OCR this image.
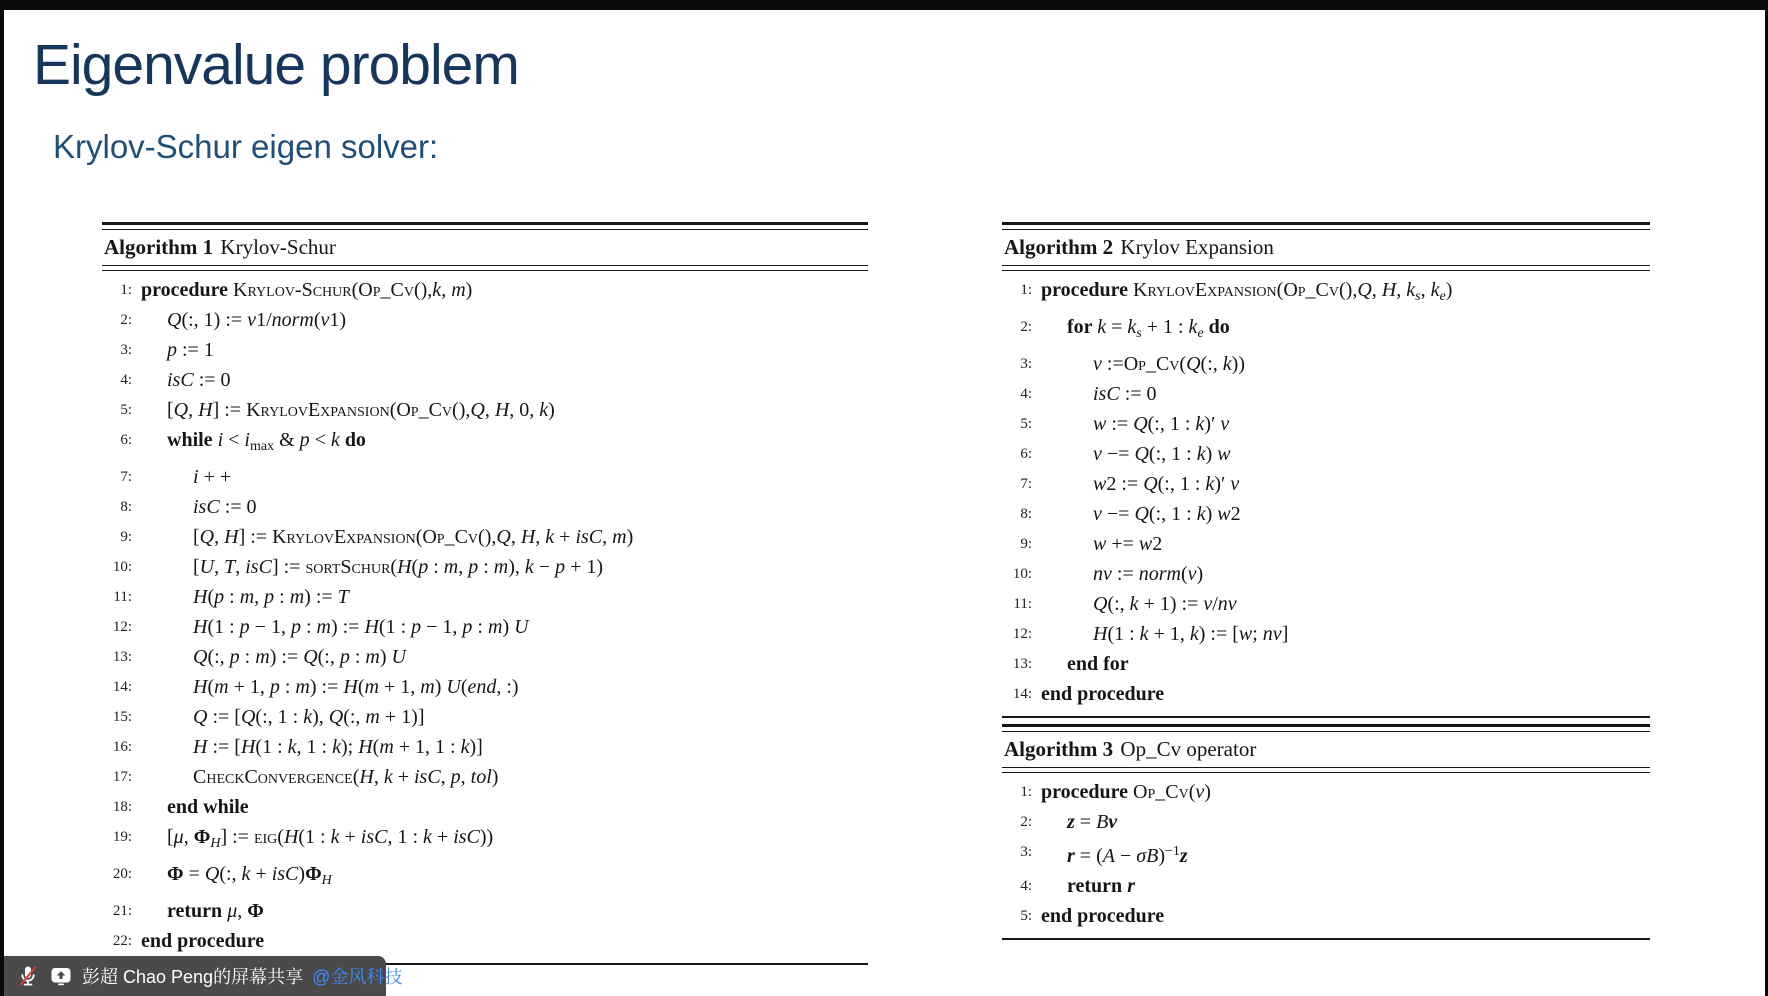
Eigenvalue problem
Krylov-Schur eigen solver:
Algorithm 1 Krylov-Schur
1: procedure Krylov-Schur(Op_Cv(),k, m)
2:	Q(:, 1) := v1/norm(v1)
3:	p := 1
4:	isC := 0
5:	[Q, H] := KrylovExpansion(Op_Cv(),Q, H, 0, k)
6:	while i < imax & p < k do
7:	i + +
8:	isC := 0
9:	[Q, H] := KrylovExpansion(Op_Cv(),Q, H, k + isC, m)
10:	[U, T, isC] := sortSchur(H(p : m, p : m), k − p + 1)
11:	H(p : m, p : m) := T
12:	H(1 : p − 1, p : m) := H(1 : p − 1, p : m) U
13:	Q(:, p : m) := Q(:, p : m) U
14:	H(m + 1, p : m) := H(m + 1, m) U(end, :)
15:	Q := [Q(:, 1 : k), Q(:, m + 1)]
16:	H := [H(1 : k, 1 : k); H(m + 1, 1 : k)]
17:	CheckConvergence(H, k + isC, p, tol)
18:	end while
19:	[μ, ΦH] := eig(H(1 : k + isC, 1 : k + isC))
20:	Φ = Q(:, k + isC)ΦH
21:	return μ, Φ
22: end procedure
Algorithm 2 Krylov Expansion
1: procedure KrylovExpansion(Op_Cv(),Q, H, ks, ke)
2:	for k = ks + 1 : ke do
3:	v :=Op_Cv(Q(:, k))
4:	isC := 0
5:	w := Q(:, 1 : k)′ v
6:	v −= Q(:, 1 : k) w
7:	w2 := Q(:, 1 : k)′ v
8:	v −= Q(:, 1 : k) w2
9:	w += w2
10:	nv := norm(v)
11:	Q(:, k + 1) := v/nv
12:	H(1 : k + 1, k) := [w; nv]
13:	end for
14: end procedure
Algorithm 3 Op_Cv operator
1: procedure Op_Cv(v)
2:	z = Bv
3:	$r = (A - \sigma B)^{-1}z$
4:	return r
5: end procedure
彭超 Chao Peng的屏幕共享 @金风科技
